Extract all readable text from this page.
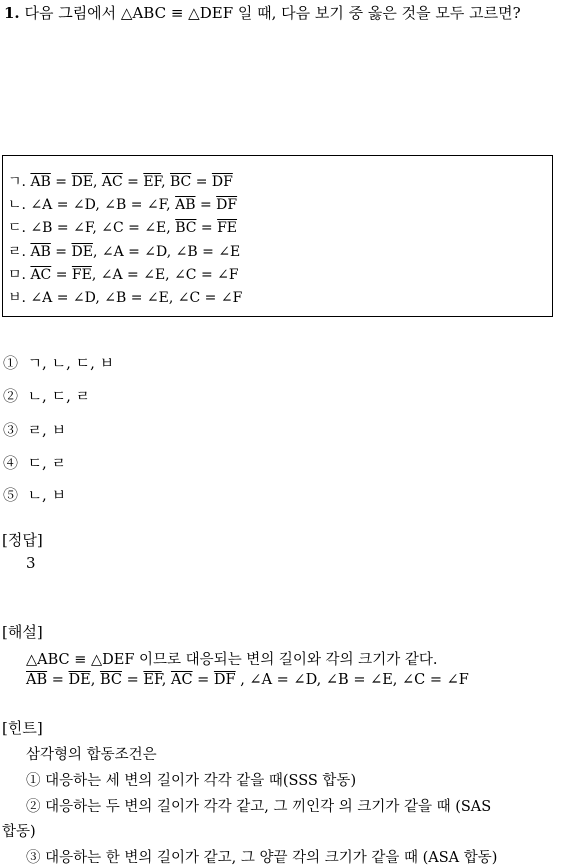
1. 다음 그림에서 △ABC ≡ △DEF 일 때, 다음 보기 중 옳은 것을 모두 고르면?
ㄱ. $\overline{AB} = \overline{DE}$, $\overline{AC} = \overline{EF}$, $\overline{BC} = \overline{DF}$
ㄴ. ∠A = ∠D, ∠B = ∠F, $\overline{AB} = \overline{DF}$
ㄷ. ∠B = ∠F, ∠C = ∠E, $\overline{BC} = \overline{FE}$
ㄹ. $\overline{AB} = \overline{DE}$, ∠A = ∠D, ∠B = ∠E
ㅁ. $\overline{AC} = \overline{FE}$, ∠A = ∠E, ∠C = ∠F
ㅂ. ∠A = ∠D, ∠B = ∠E, ∠C = ∠F
① ㄱ, ㄴ, ㄷ, ㅂ
② ㄴ, ㄷ, ㄹ
③ ㄹ, ㅂ
④ ㄷ, ㄹ
⑤ ㄴ, ㅂ
[정답]
3
[해설]
△ABC ≡ △DEF 이므로 대응되는 변의 길이와 각의 크기가 같다.
$\overline{AB} = \overline{DE}$, $\overline{BC} = \overline{EF}$, $\overline{AC} = \overline{DF}$ , ∠A = ∠D, ∠B = ∠E, ∠C = ∠F
[힌트]
삼각형의 합동조건은
① 대응하는 세 변의 길이가 각각 같을 때(SSS 합동)
② 대응하는 두 변의 길이가 각각 같고, 그 끼인각 의 크기가 같을 때 (SAS
합동)
③ 대응하는 한 변의 길이가 같고, 그 양끝 각의 크기가 같을 때 (ASA 합동)
